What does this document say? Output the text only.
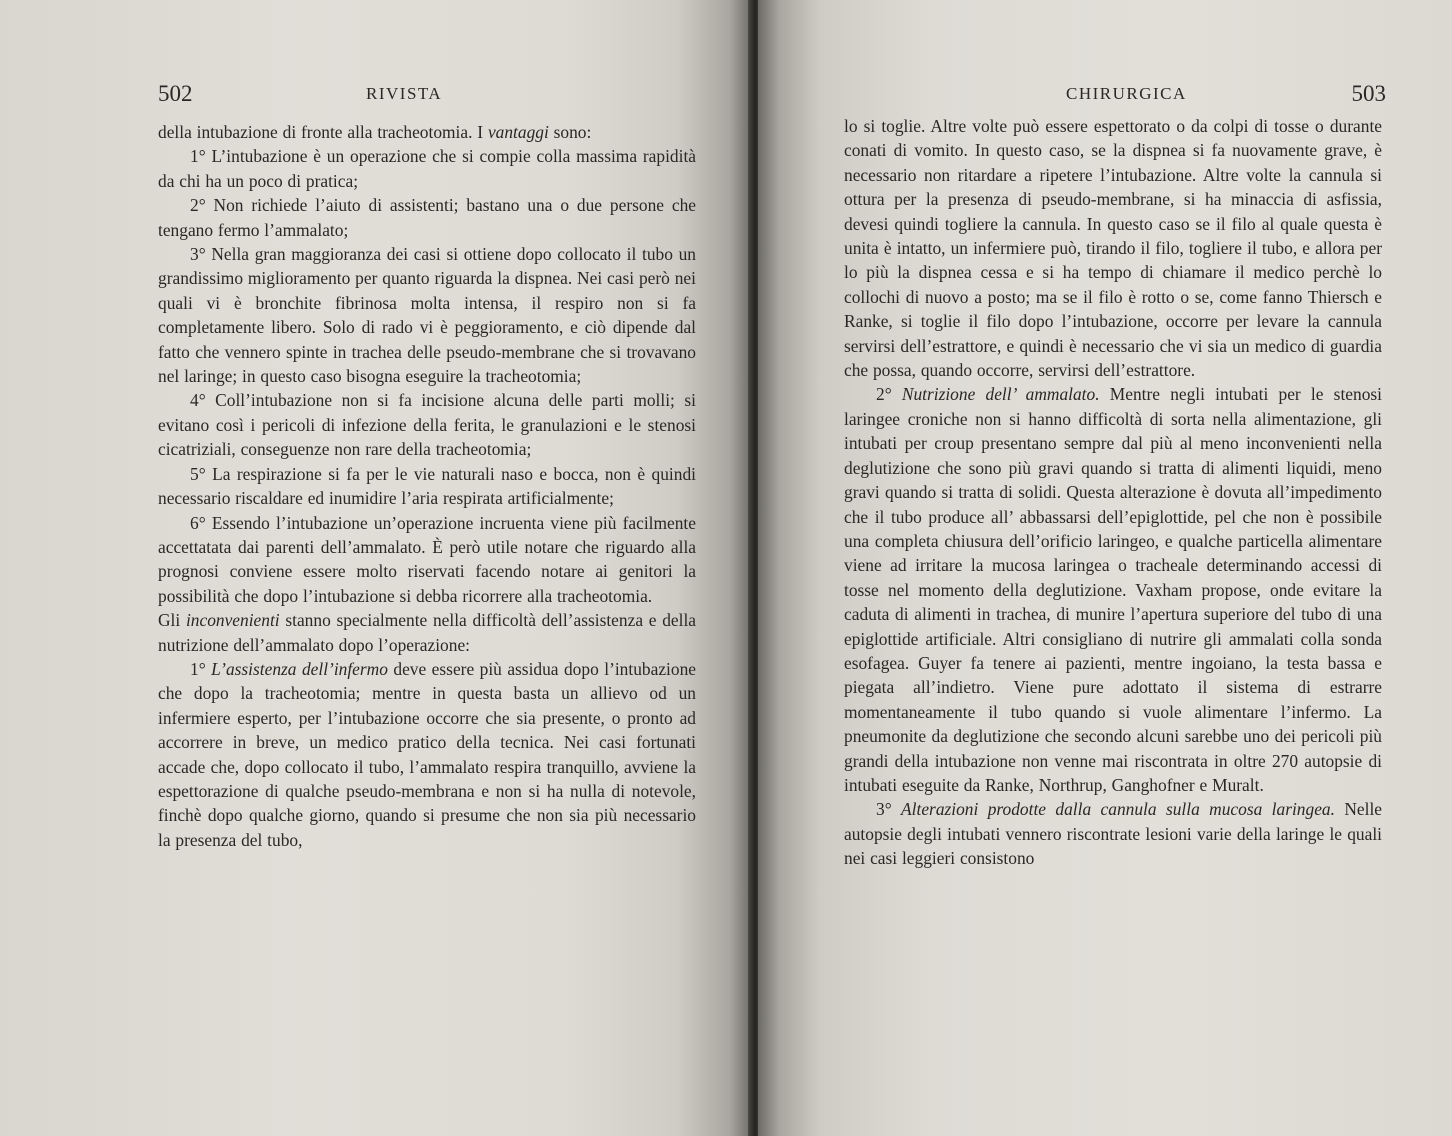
502	RIVISTA

della intubazione di fronte alla tracheotomia. I vantaggi sono:

1° L’intubazione è un operazione che si compie colla massima rapidità da chi ha un poco di pratica;

2° Non richiede l’aiuto di assistenti; bastano una o due persone che tengano fermo l’ammalato;

3° Nella gran maggioranza dei casi si ottiene dopo collocato il tubo un grandissimo miglioramento per quanto riguarda la dispnea. Nei casi però nei quali vi è bronchite fibrinosa molta intensa, il respiro non si fa completamente libero. Solo di rado vi è peggioramento, e ciò dipende dal fatto che vennero spinte in trachea delle pseudo-membrane che si trovavano nel laringe; in questo caso bisogna eseguire la tracheotomia;

4° Coll’intubazione non si fa incisione alcuna delle parti molli; si evitano così i pericoli di infezione della ferita, le granulazioni e le stenosi cicatriziali, conseguenze non rare della tracheotomia;

5° La respirazione si fa per le vie naturali naso e bocca, non è quindi necessario riscaldare ed inumidire l’aria respirata artificialmente;

6° Essendo l’intubazione un’operazione incruenta viene più facilmente accettatata dai parenti dell’ammalato. È però utile notare che riguardo alla prognosi conviene essere molto riservati facendo notare ai genitori la possibilità che dopo l’intubazione si debba ricorrere alla tracheotomia.

Gli inconvenienti stanno specialmente nella difficoltà dell’assistenza e della nutrizione dell’ammalato dopo l’operazione:

1° L’assistenza dell’infermo deve essere più assidua dopo l’intubazione che dopo la tracheotomia; mentre in questa basta un allievo od un infermiere esperto, per l’intubazione occorre che sia presente, o pronto ad accorrere in breve, un medico pratico della tecnica. Nei casi fortunati accade che, dopo collocato il tubo, l’ammalato respira tranquillo, avviene la espettorazione di qualche pseudo-membrana e non si ha nulla di notevole, finchè dopo qualche giorno, quando si presume che non sia più necessario la presenza del tubo,

CHIRURGICA	503

lo si toglie. Altre volte può essere espettorato o da colpi di tosse o durante conati di vomito. In questo caso, se la dispnea si fa nuovamente grave, è necessario non ritardare a ripetere l’intubazione. Altre volte la cannula si ottura per la presenza di pseudo-membrane, si ha minaccia di asfissia, devesi quindi togliere la cannula. In questo caso se il filo al quale questa è unita è intatto, un infermiere può, tirando il filo, togliere il tubo, e allora per lo più la dispnea cessa e si ha tempo di chiamare il medico perchè lo collochi di nuovo a posto; ma se il filo è rotto o se, come fanno Thiersch e Ranke, si toglie il filo dopo l’intubazione, occorre per levare la cannula servirsi dell’estrattore, e quindi è necessario che vi sia un medico di guardia che possa, quando occorre, servirsi dell’estrattore.

2° Nutrizione dell’ ammalato. Mentre negli intubati per le stenosi laringee croniche non si hanno difficoltà di sorta nella alimentazione, gli intubati per croup presentano sempre dal più al meno inconvenienti nella deglutizione che sono più gravi quando si tratta di alimenti liquidi, meno gravi quando si tratta di solidi. Questa alterazione è dovuta all’impedimento che il tubo produce all’ abbassarsi dell’epiglottide, pel che non è possibile una completa chiusura dell’orificio laringeo, e qualche particella alimentare viene ad irritare la mucosa laringea o tracheale determinando accessi di tosse nel momento della deglutizione. Vaxham propose, onde evitare la caduta di alimenti in trachea, di munire l’apertura superiore del tubo di una epiglottide artificiale. Altri consigliano di nutrire gli ammalati colla sonda esofagea. Guyer fa tenere ai pazienti, mentre ingoiano, la testa bassa e piegata all’indietro. Viene pure adottato il sistema di estrarre momentaneamente il tubo quando si vuole alimentare l’infermo. La pneumonite da deglutizione che secondo alcuni sarebbe uno dei pericoli più grandi della intubazione non venne mai riscontrata in oltre 270 autopsie di intubati eseguite da Ranke, Northrup, Ganghofner e Muralt.

3° Alterazioni prodotte dalla cannula sulla mucosa laringea. Nelle autopsie degli intubati vennero riscontrate lesioni varie della laringe le quali nei casi leggieri consistono
